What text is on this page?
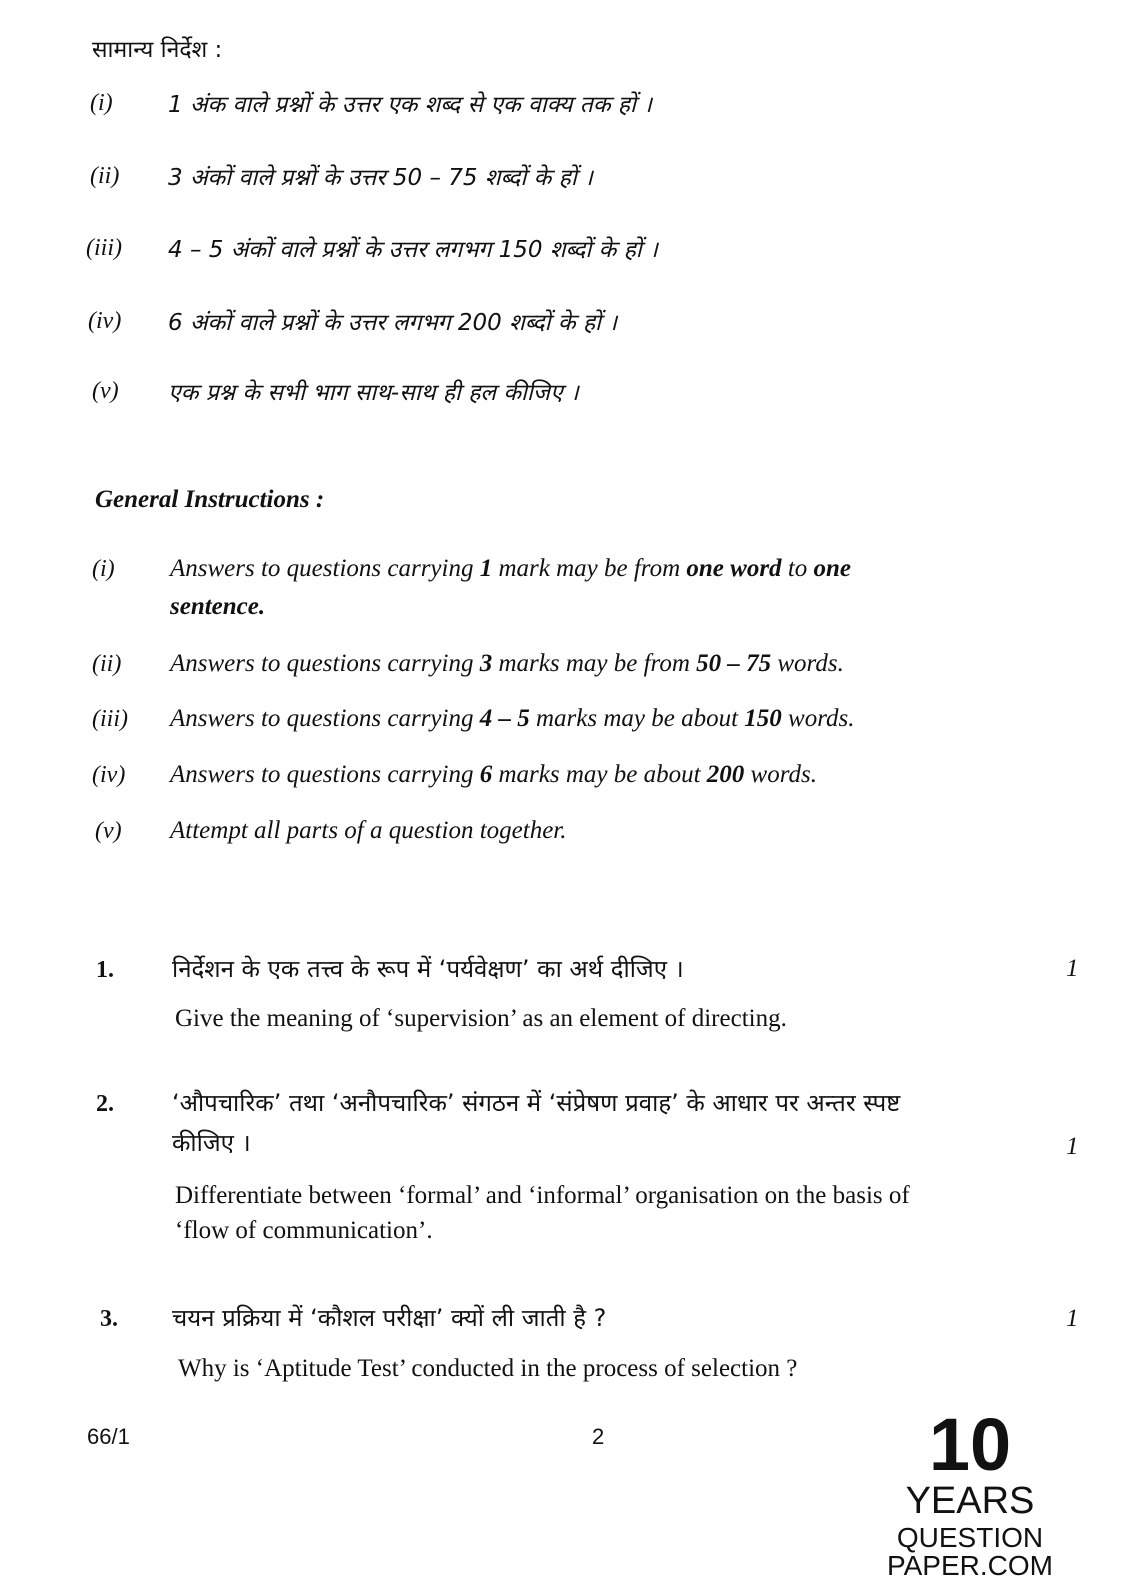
सामान्य निर्देश :
(i) 1 अंक वाले प्रश्नों के उत्तर एक शब्द से एक वाक्य तक हों ।
(ii) 3 अंकों वाले प्रश्नों के उत्तर 50 – 75 शब्दों के हों ।
(iii) 4 – 5 अंकों वाले प्रश्नों के उत्तर लगभग 150 शब्दों के हों ।
(iv) 6 अंकों वाले प्रश्नों के उत्तर लगभग 200 शब्दों के हों ।
(v) एक प्रश्न के सभी भाग साथ-साथ ही हल कीजिए ।
General Instructions :
(i) Answers to questions carrying 1 mark may be from one word to one
sentence.
(ii) Answers to questions carrying 3 marks may be from 50 – 75 words.
(iii) Answers to questions carrying 4 – 5 marks may be about 150 words.
(iv) Answers to questions carrying 6 marks may be about 200 words.
(v) Attempt all parts of a question together.
1. निर्देशन के एक तत्त्व के रूप में ‘पर्यवेक्षण’ का अर्थ दीजिए ।	1
Give the meaning of ‘supervision’ as an element of directing.
2. ‘औपचारिक’ तथा ‘अनौपचारिक’ संगठन में ‘संप्रेषण प्रवाह’ के आधार पर अन्तर स्पष्ट
कीजिए ।	1
Differentiate between ‘formal’ and ‘informal’ organisation on the basis of
‘flow of communication’.
3. चयन प्रक्रिया में ‘कौशल परीक्षा’ क्यों ली जाती है ?	1
Why is ‘Aptitude Test’ conducted in the process of selection ?
66/1	2	10
YEARS
QUESTION PAPER.COM
